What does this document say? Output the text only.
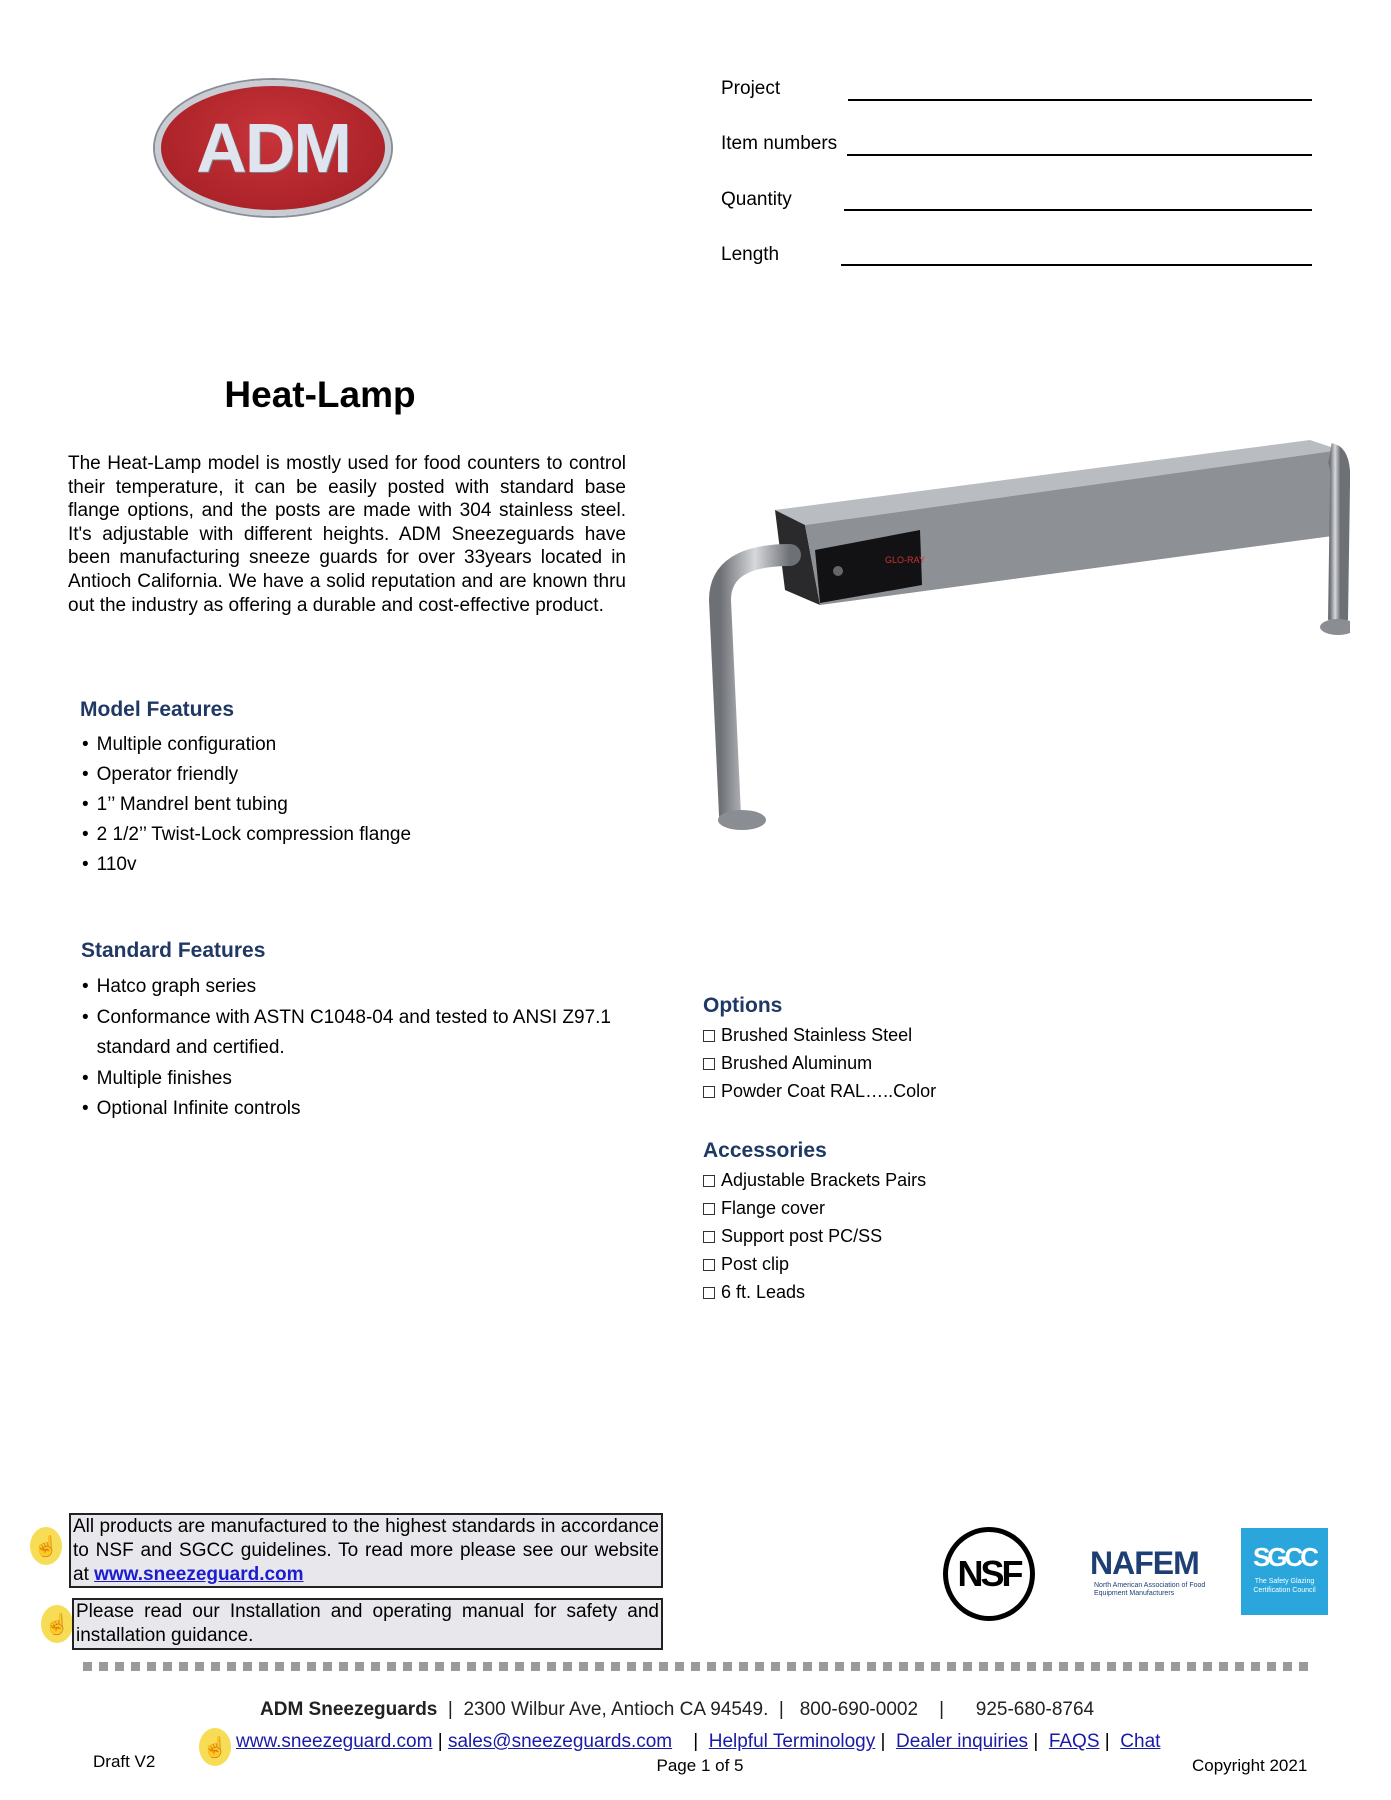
ADM
Project
Item numbers
Quantity
Length
Heat-Lamp

The Heat-Lamp model is mostly used for food counters to control their temperature, it can be easily posted with standard base flange options, and the posts are made with 304 stainless steel. It's adjustable with different heights. ADM Sneezeguards have been manufacturing sneeze guards for over 33years located in Antioch California. We have a solid reputation and are known thru out the industry as offering a durable and cost-effective product.

Model Features
• Multiple configuration
• Operator friendly
• 1’’ Mandrel bent tubing
• 2 1/2’’ Twist-Lock compression flange
• 110v
Standard Features
• Hatco graph series
• Conformance with ASTN C1048-04 and tested to ANSI Z97.1 standard and certified.
• Multiple finishes
• Optional Infinite controls
GLO-RAY
Options
Brushed Stainless Steel
Brushed Aluminum
Powder Coat RAL…..Color
Accessories
Adjustable Brackets Pairs
Flange cover
Support post PC/SS
Post clip
6 ft. Leads
☝
All products are manufactured to the highest standards in accordance to NSF and SGCC guidelines. To read more please see our website at www.sneezeguard.com
☝
Please read our Installation and operating manual for safety and installation guidance.
NSF	NAFEM
North American Association of Food Equipment Manufacturers
SGCC
The Safety Glazing Certification Council
ADM Sneezeguards  |  2300 Wilbur Ave, Antioch CA 94549.  |   800-690-0002    |      925-680-8764
☝ www.sneezeguard.com | sales@sneezeguards.com    |  Helpful Terminology |  Dealer inquiries |  FAQS |  Chat
Draft V2	Page 1 of 5	Copyright 2021
